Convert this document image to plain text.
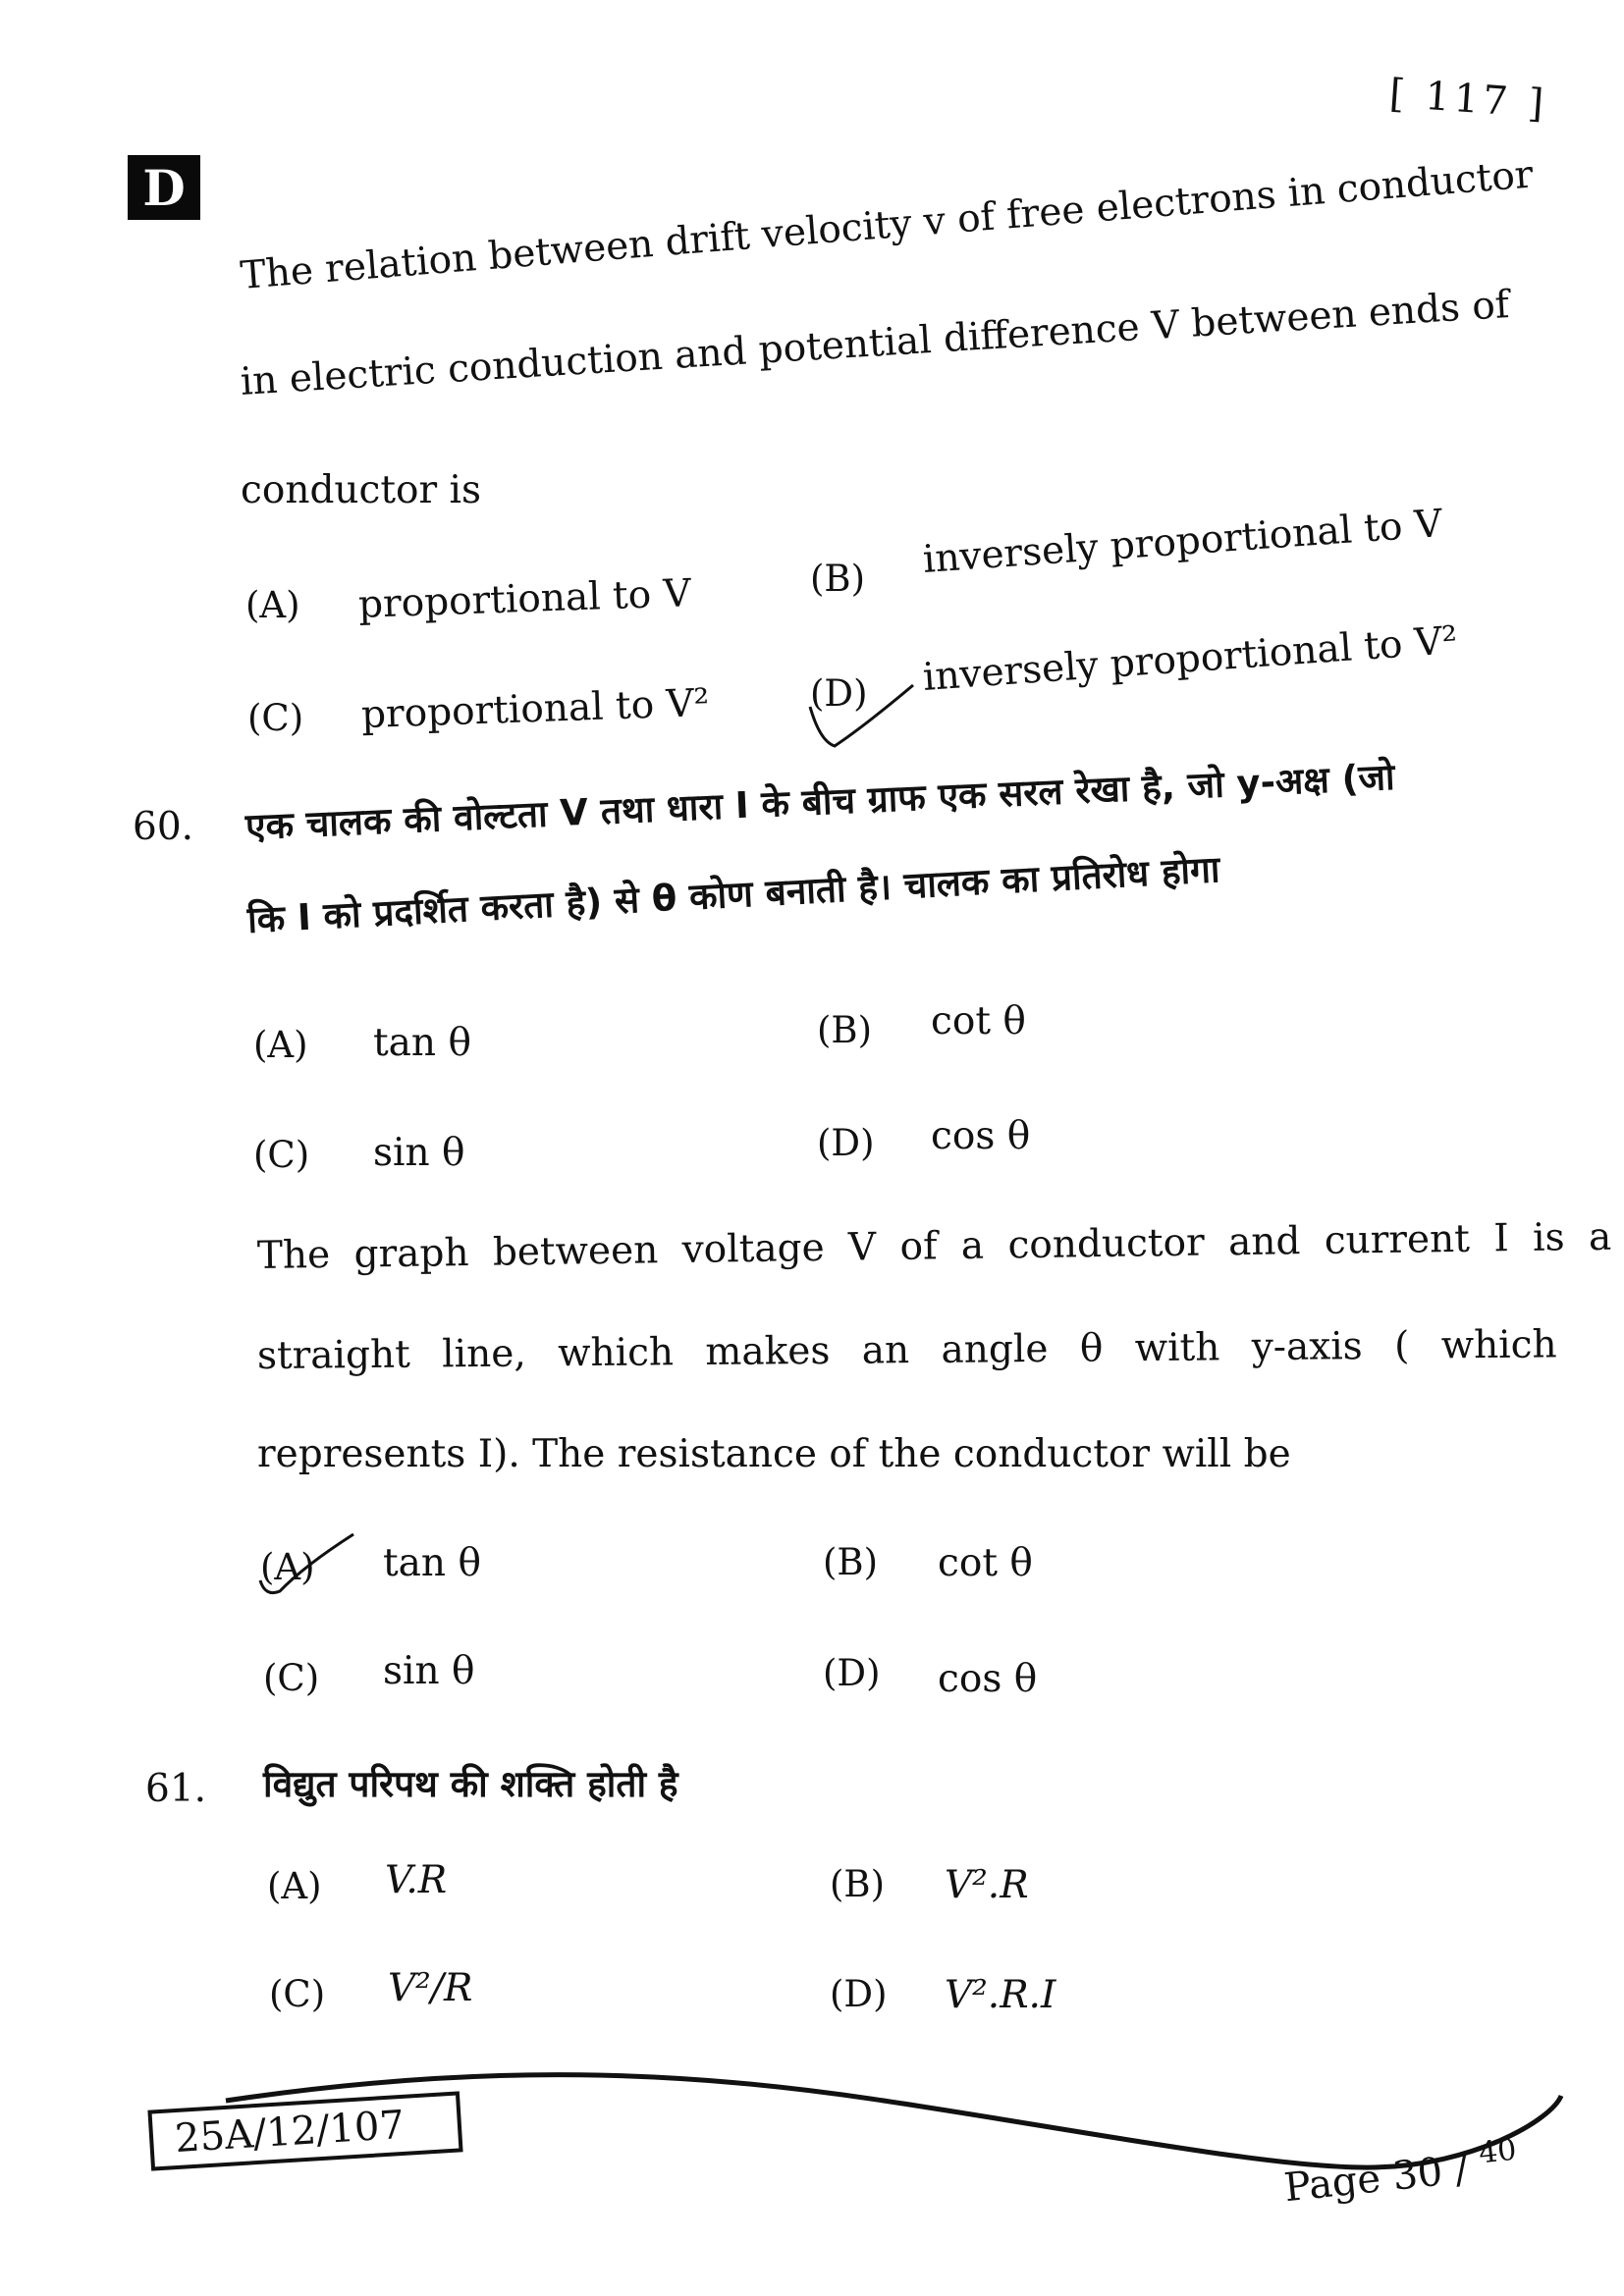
[ 117 ]
D	The relation between drift velocity v of free electrons in conductor
in electric conduction and potential difference V between ends of
conductor is
(A) proportional to V	(B) inversely proportional to V
(C) proportional to V²	(D) inversely proportional to V²
60. एक चालक की वोल्टता V तथा धारा I के बीच ग्राफ एक सरल रेखा है, जो y-अक्ष (जो
कि I को प्रदर्शित करता है) से θ कोण बनाती है। चालक का प्रतिरोध होगा
(A) tan θ	(B) cot θ
(C) sin θ	(D) cos θ
The graph between voltage V of a conductor and current I is a
straight line, which makes an angle θ with y-axis ( which
represents I). The resistance of the conductor will be
(A) tan θ	(B) cot θ
(C) sin θ	(D) cos θ
61. विद्युत परिपथ की शक्ति होती है
(A) V.R	(B) V².R
(C) V²/R	(D) V².R.I
25A/12/107
Page 30 / $^{40}$
